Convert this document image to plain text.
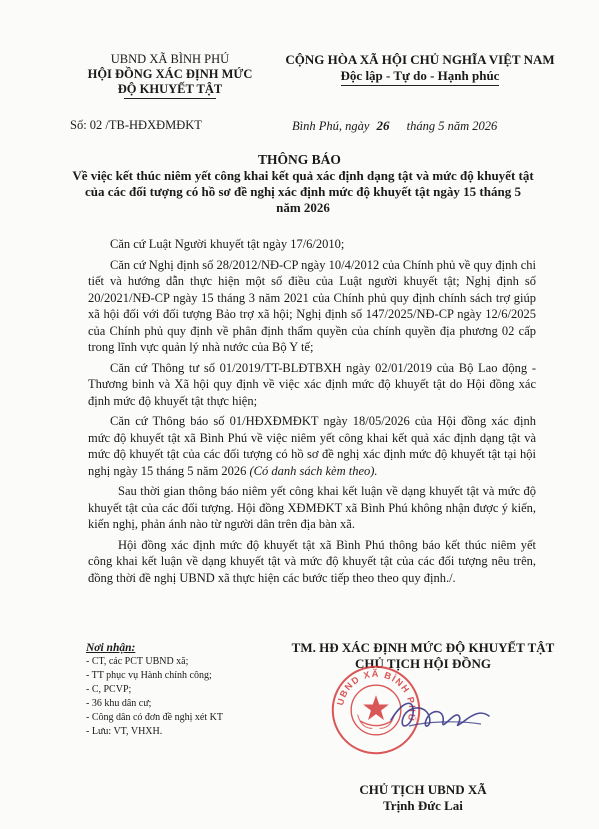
UBND XÃ BÌNH PHÚ
HỘI ĐỒNG XÁC ĐỊNH MỨC
ĐỘ KHUYẾT TẬT
CỘNG HÒA XÃ HỘI CHỦ NGHĨA VIỆT NAM
Độc lập - Tự do - Hạnh phúc
Số: 02 /TB-HĐXĐMĐKT	Bình Phú, ngày 26 tháng 5 năm 2026
THÔNG BÁO
Về việc kết thúc niêm yết công khai kết quả xác định dạng tật và mức độ khuyết tật của các đối tượng có hồ sơ đề nghị xác định mức độ khuyết tật ngày 15 tháng 5 năm 2026

Căn cứ Luật Người khuyết tật ngày 17/6/2010;

Căn cứ Nghị định số 28/2012/NĐ-CP ngày 10/4/2012 của Chính phủ về quy định chi tiết và hướng dẫn thực hiện một số điều của Luật người khuyết tật; Nghị định số 20/2021/NĐ-CP ngày 15 tháng 3 năm 2021 của Chính phủ quy định chính sách trợ giúp xã hội đối với đối tượng Bảo trợ xã hội; Nghị định số 147/2025/NĐ-CP ngày 12/6/2025 của Chính phủ quy định về phân định thẩm quyền của chính quyền địa phương 02 cấp trong lĩnh vực quản lý nhà nước của Bộ Y tế;

Căn cứ Thông tư số 01/2019/TT-BLĐTBXH ngày 02/01/2019 của Bộ Lao động - Thương binh và Xã hội quy định về việc xác định mức độ khuyết tật do Hội đồng xác định mức độ khuyết tật thực hiện;

Căn cứ Thông báo số 01/HĐXĐMĐKT ngày 18/05/2026 của Hội đồng xác định mức độ khuyết tật xã Bình Phú về việc niêm yết công khai kết quả xác định dạng tật và mức độ khuyết tật của các đối tượng có hồ sơ đề nghị xác định mức độ khuyết tật tại hội nghị ngày 15 tháng 5 năm 2026 (Có danh sách kèm theo).

Sau thời gian thông báo niêm yết công khai kết luận về dạng khuyết tật và mức độ khuyết tật của các đối tượng. Hội đồng XĐMĐKT xã Bình Phú không nhận được ý kiến, kiến nghị, phản ánh nào từ người dân trên địa bàn xã.

Hội đồng xác định mức độ khuyết tật xã Bình Phú thông báo kết thúc niêm yết công khai kết luận về dạng khuyết tật và mức độ khuyết tật của các đối tượng nêu trên, đồng thời đề nghị UBND xã thực hiện các bước tiếp theo theo quy định./.

Nơi nhận:
- CT, các PCT UBND xã;
- TT phục vụ Hành chính công;
- C, PCVP;
- 36 khu dân cư;
- Công dân có đơn đề nghị xét KT
- Lưu: VT, VHXH.
TM. HĐ XÁC ĐỊNH MỨC ĐỘ KHUYẾT TẬT
CHỦ TỊCH HỘI ĐỒNG
UBND XÃ BÌNH PHÚ
CHỦ TỊCH UBND XÃ
Trịnh Đức Lai
